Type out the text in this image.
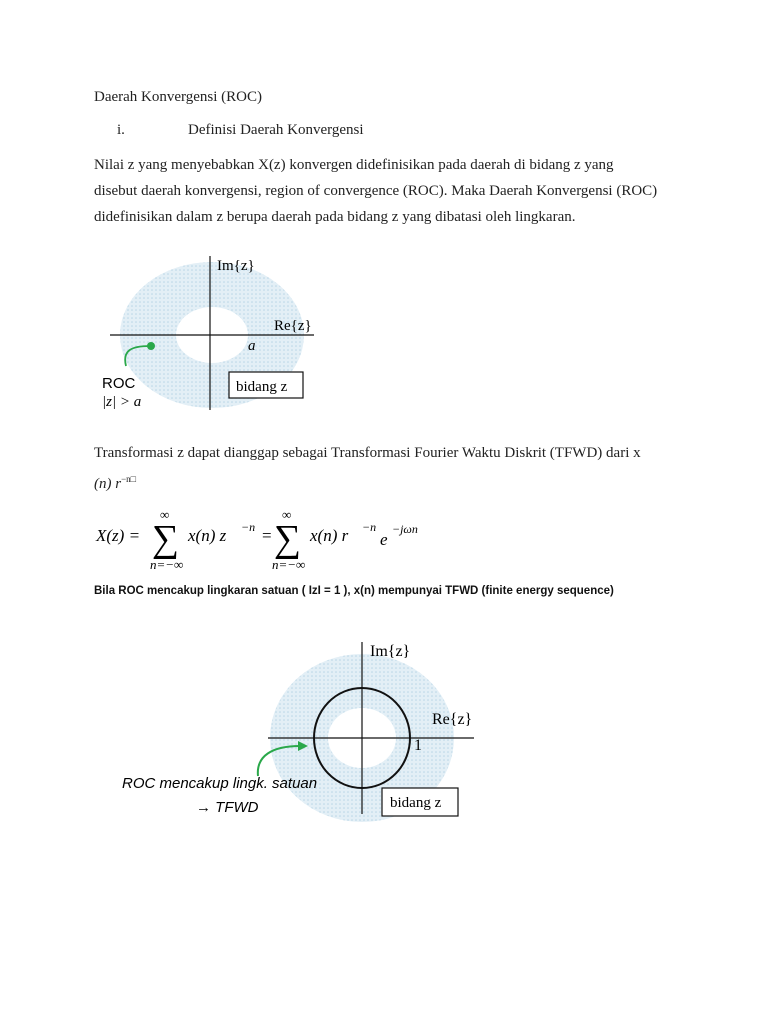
Daerah Konvergensi (ROC)
i.	Definisi Daerah Konvergensi
Nilai z yang menyebabkan X(z) konvergen didefinisikan pada daerah di bidang z yang
disebut daerah konvergensi, region of convergence (ROC). Maka Daerah Konvergensi (ROC)
didefinisikan dalam z berupa daerah pada bidang z yang dibatasi oleh lingkaran.
Im{z}
Re{z}
a
ROC
|z| > a
bidang z
Transformasi z dapat dianggap sebagai Transformasi Fourier Waktu Diskrit (TFWD) dari x
(n) $r^{-n□}$
X(z) =
∞
∑
n=−∞
x(n) z −n =
∞
∑
n=−∞
x(n) r −n
e
−jωn
Bila ROC mencakup lingkaran satuan ( IzI = 1 ), x(n) mempunyai TFWD (finite energy sequence)
Im{z}
Re{z}
1
ROC mencakup lingk. satuan
→ TFWD	bidang z
